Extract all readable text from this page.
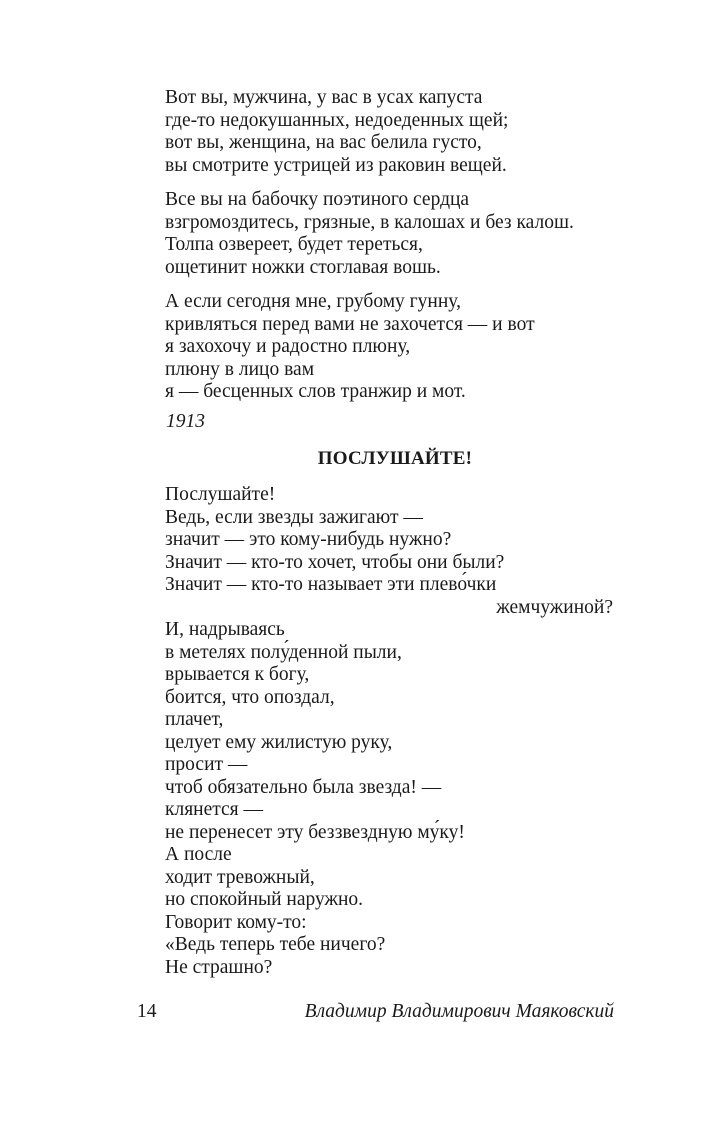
Вот вы, мужчина, у вас в усах капуста
где-то недокушанных, недоеденных щей;
вот вы, женщина, на вас белила густо,
вы смотрите устрицей из раковин вещей.
Все вы на бабочку поэтиного сердца
взгромоздитесь, грязные, в калошах и без калош.
Толпа озвереет, будет тереться,
ощетинит ножки стоглавая вошь.
А если сегодня мне, грубому гунну,
кривляться перед вами не захочется — и вот
я захохочу и радостно плюну,
плюну в лицо вам
я — бесценных слов транжир и мот.
1913
ПОСЛУШАЙТЕ!
Послушайте!
Ведь, если звезды зажигают —
значит — это кому-нибудь нужно?
Значит — кто-то хочет, чтобы они были?
Значит — кто-то называет эти плево́чки
жемчужиной?
И, надрываясь
в метелях полу́денной пыли,
врывается к богу,
боится, что опоздал,
плачет,
целует ему жилистую руку,
просит —
чтоб обязательно была звезда! —
клянется —
не перенесет эту беззвездную му́ку!
А после
ходит тревожный,
но спокойный наружно.
Говорит кому-то:
«Ведь теперь тебе ничего?
Не страшно?
14	Владимир Владимирович Маяковский
